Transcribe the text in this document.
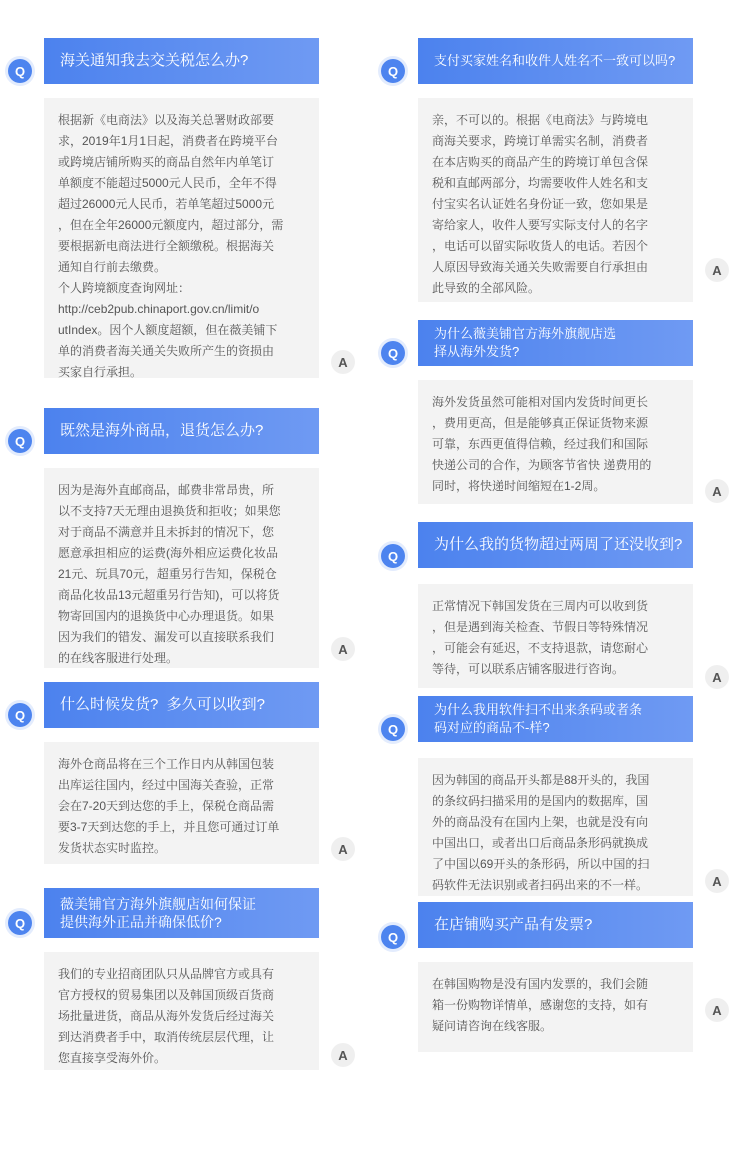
Q
海关通知我去交关税怎么办?
根据新《电商法》以及海关总署财政部要
求，2019年1月1日起，消费者在跨境平台
或跨境店铺所购买的商品自然年内单笔订
单额度不能超过5000元人民币，全年不得
超过26000元人民币，若单笔超过5000元
，但在全年26000元额度内，超过部分，需
要根据新电商法进行全额缴税。根据海关
通知自行前去缴费。
个人跨境额度查询网址：
http://ceb2pub.chinaport.gov.cn/limit/o
utIndex。因个人额度超额，但在薇美铺下
单的消费者海关通关失败所产生的资损由
买家自行承担。
A
Q
既然是海外商品，退货怎么办?
因为是海外直邮商品，邮费非常昂贵，所
以不支持7天无理由退换货和拒收；如果您
对于商品不满意并且未拆封的情况下，您
愿意承担相应的运费(海外相应运费化妆品
21元、玩具70元，超重另行告知，保税仓
商品化妆品13元超重另行告知)，可以将货
物寄回国内的退换货中心办理退货。如果
因为我们的错发、漏发可以直接联系我们
的在线客服进行处理。
A
Q
什么时候发货?  多久可以收到?
海外仓商品将在三个工作日内从韩国包装
出库运往国内，经过中国海关查验，正常
会在7-20天到达您的手上，保税仓商品需
要3-7天到达您的手上，并且您可通过订单
发货状态实时监控。	A
Q
薇美铺官方海外旗舰店如何保证
提供海外正品并确保低价?
我们的专业招商团队只从品牌官方或具有
官方授权的贸易集团以及韩国顶级百货商
场批量进货，商品从海外发货后经过海关
到达消费者手中，取消传统层层代理，让
您直接享受海外价。	A
Q
支付买家姓名和收件人姓名不一致可以吗?
亲，不可以的。根据《电商法》与跨境电
商海关要求，跨境订单需实名制，消费者
在本店购买的商品产生的跨境订单包含保
税和直邮两部分，均需要收件人姓名和支
付宝实名认证姓名身份证一致，您如果是
寄给家人，收件人要写实际支付人的名字
，电话可以留实际收货人的电话。若因个
人原因导致海关通关失败需要自行承担由
此导致的全部风险。
A
Q
为什么薇美铺官方海外旗舰店选
择从海外发货?
海外发货虽然可能相对国内发货时间更长
，费用更高，但是能够真正保证货物来源
可靠，东西更值得信赖，经过我们和国际
快递公司的合作，为顾客节省快 递费用的
同时，将快递时间缩短在1-2周。	A
Q
为什么我的货物超过两周了还没收到?
正常情况下韩国发货在三周内可以收到货
，但是遇到海关检查、节假日等特殊情况
，可能会有延迟，不支持退款，请您耐心
等待，可以联系店铺客服进行咨询。
A
Q
为什么我用软件扫不出来条码或者条
码对应的商品不-样?
因为韩国的商品开头都是88开头的，我国
的条纹码扫描采用的是国内的数据库，国
外的商品没有在国内上架，也就是没有向
中国出口，或者出口后商品条形码就换成
了中国以69开头的条形码，所以中国的扫
码软件无法识别或者扫码出来的不一样。	A
Q
在店铺购买产品有发票?
在韩国购物是没有国内发票的，我们会随
箱一份购物详情单，感谢您的支持，如有
疑问请咨询在线客服。
A
